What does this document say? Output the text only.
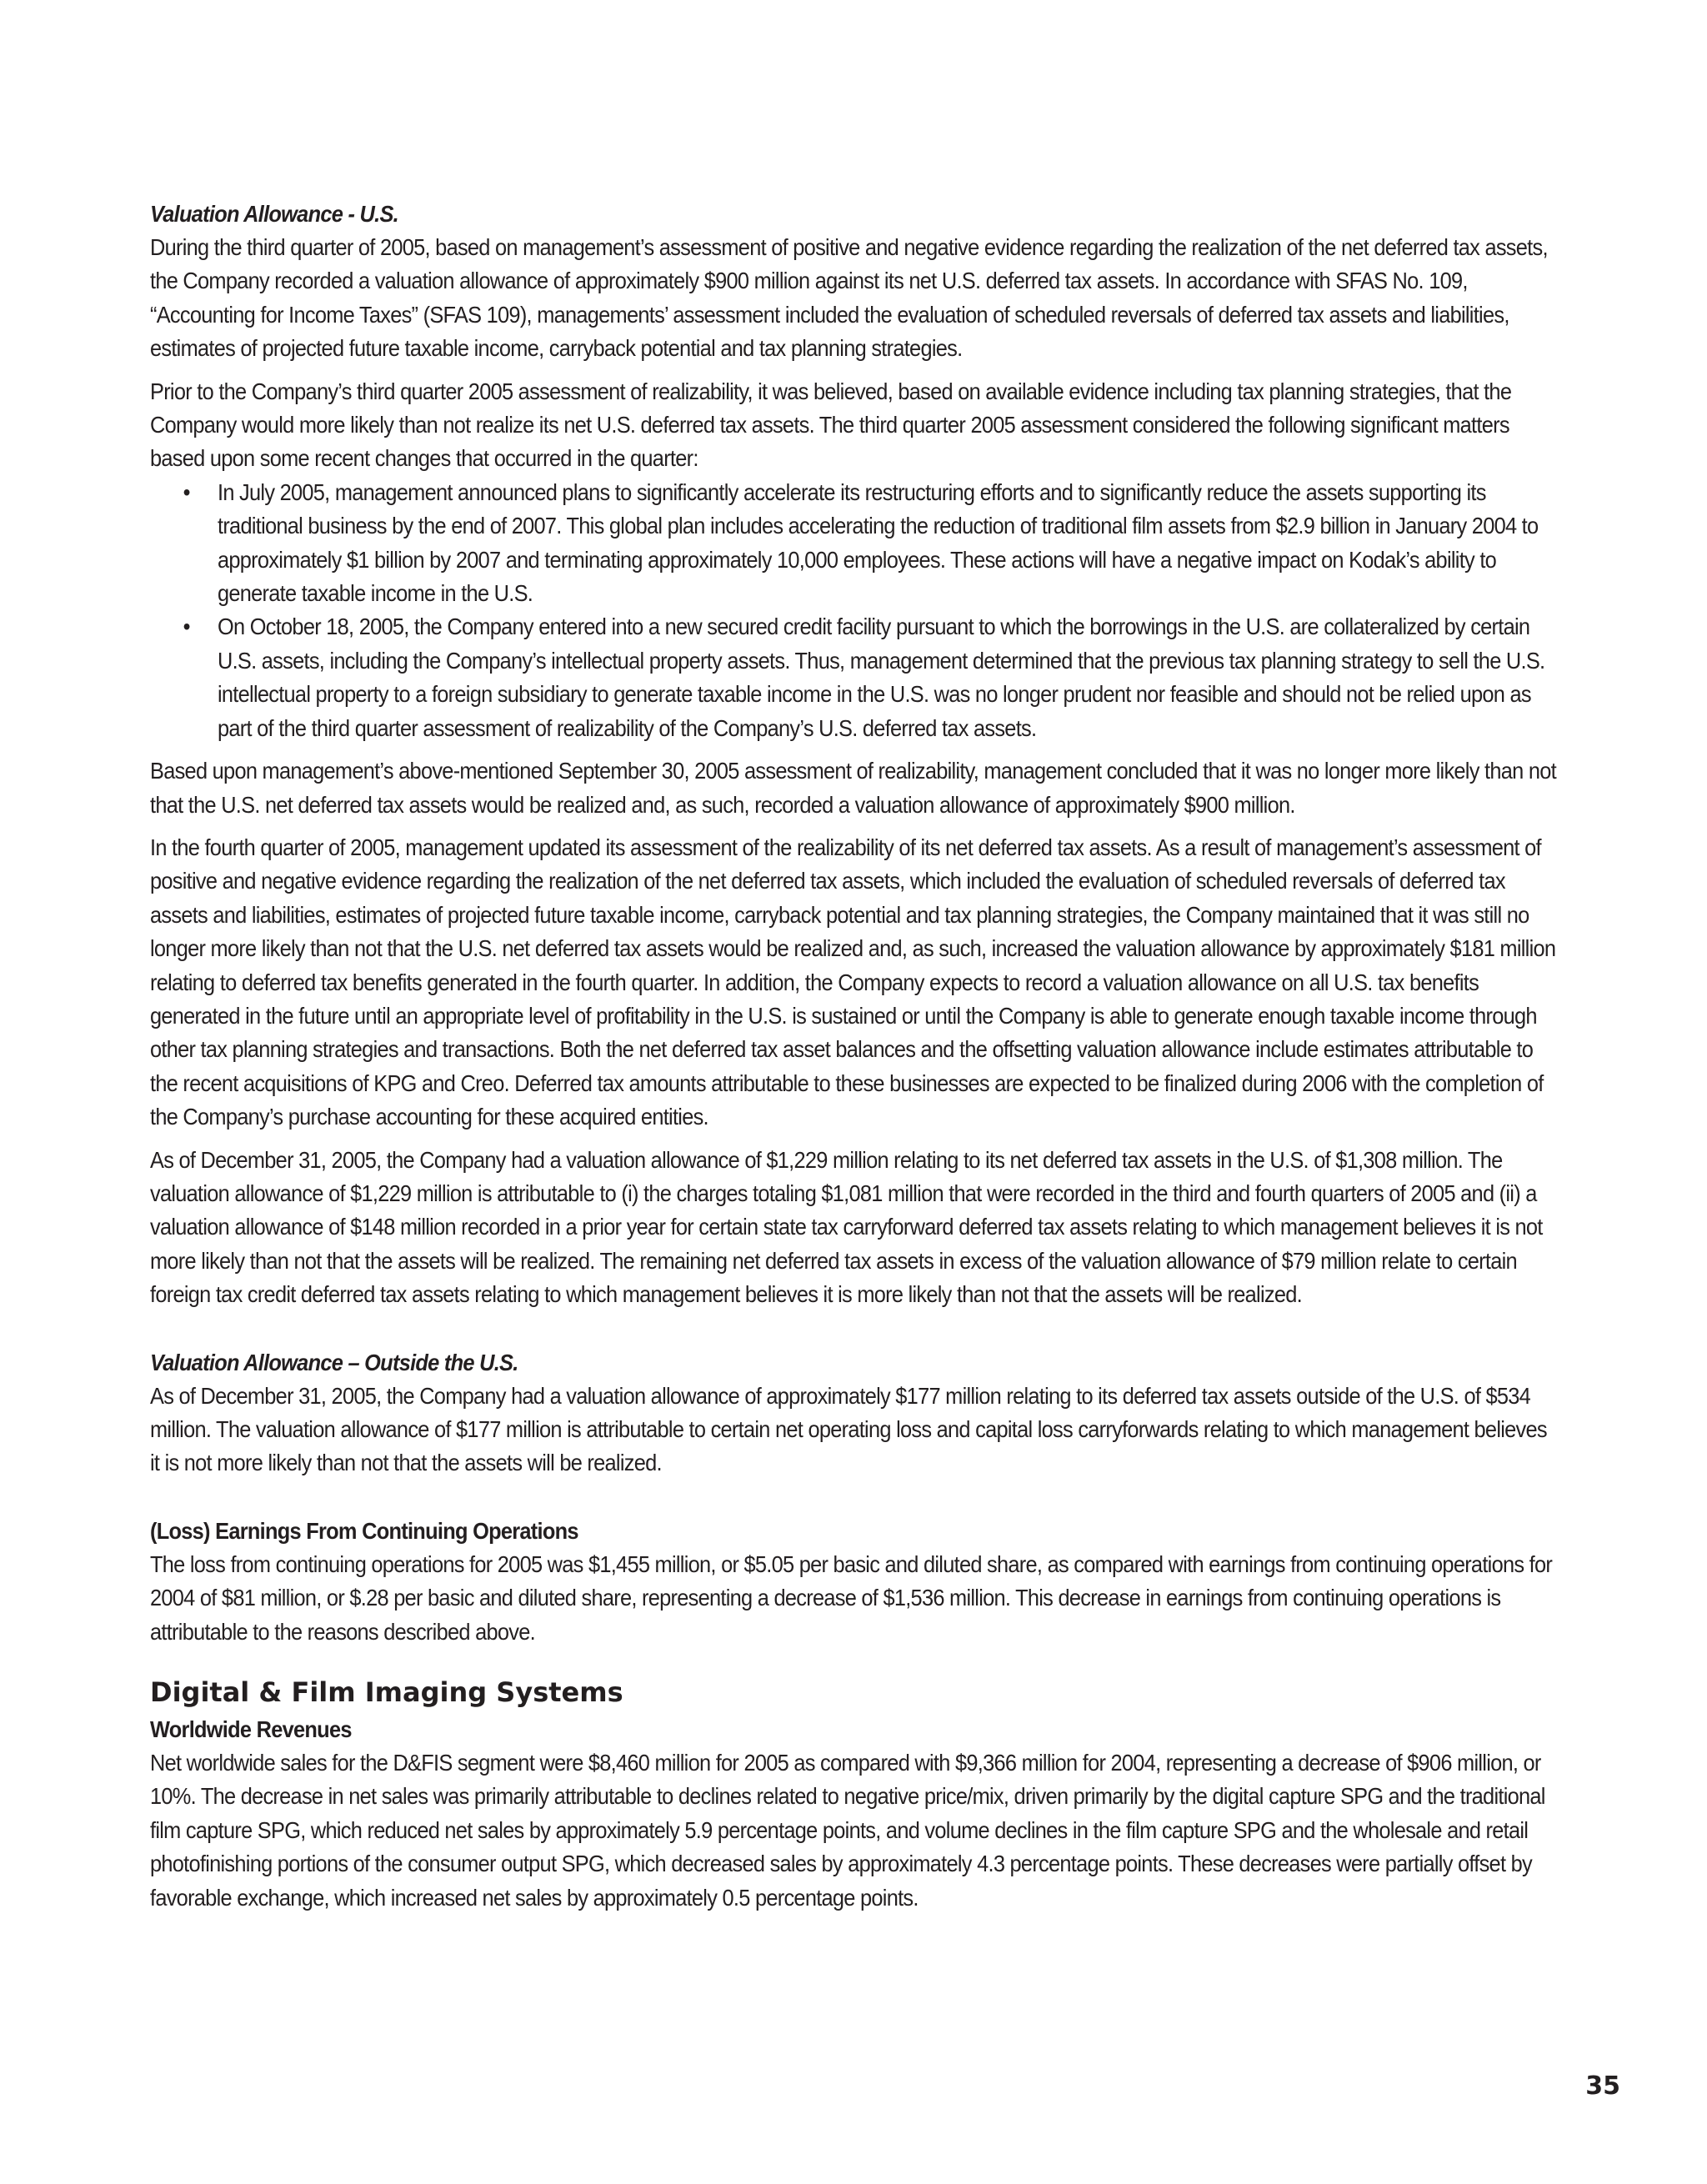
Valuation Allowance - U.S.

During the third quarter of 2005, based on management’s assessment of positive and negative evidence regarding the realization of the net deferred tax assets, the Company recorded a valuation allowance of approximately $900 million against its net U.S. deferred tax assets. In accordance with SFAS No. 109, “Accounting for Income Taxes” (SFAS 109), managements’ assessment included the evaluation of scheduled reversals of deferred tax assets and liabilities, estimates of projected future taxable income, carryback potential and tax planning strategies.

Prior to the Company’s third quarter 2005 assessment of realizability, it was believed, based on available evidence including tax planning strategies, that the Company would more likely than not realize its net U.S. deferred tax assets. The third quarter 2005 assessment considered the following significant matters based upon some recent changes that occurred in the quarter:

• In July 2005, management announced plans to significantly accelerate its restructuring efforts and to significantly reduce the assets supporting its traditional business by the end of 2007. This global plan includes accelerating the reduction of traditional film assets from $2.9 billion in January 2004 to approximately $1 billion by 2007 and terminating approximately 10,000 employees. These actions will have a negative impact on Kodak’s ability to generate taxable income in the U.S.
• On October 18, 2005, the Company entered into a new secured credit facility pursuant to which the borrowings in the U.S. are collateralized by certain U.S. assets, including the Company’s intellectual property assets. Thus, management determined that the previous tax planning strategy to sell the U.S. intellectual property to a foreign subsidiary to generate taxable income in the U.S. was no longer prudent nor feasible and should not be relied upon as part of the third quarter assessment of realizability of the Company’s U.S. deferred tax assets.

Based upon management’s above-mentioned September 30, 2005 assessment of realizability, management concluded that it was no longer more likely than not that the U.S. net deferred tax assets would be realized and, as such, recorded a valuation allowance of approximately $900 million.

In the fourth quarter of 2005, management updated its assessment of the realizability of its net deferred tax assets. As a result of management’s assessment of positive and negative evidence regarding the realization of the net deferred tax assets, which included the evaluation of scheduled reversals of deferred tax assets and liabilities, estimates of projected future taxable income, carryback potential and tax planning strategies, the Company maintained that it was still no longer more likely than not that the U.S. net deferred tax assets would be realized and, as such, increased the valuation allowance by approximately $181 million relating to deferred tax benefits generated in the fourth quarter. In addition, the Company expects to record a valuation allowance on all U.S. tax benefits generated in the future until an appropriate level of profitability in the U.S. is sustained or until the Company is able to generate enough taxable income through other tax planning strategies and transactions. Both the net deferred tax asset balances and the offsetting valuation allowance include estimates attributable to the recent acquisitions of KPG and Creo. Deferred tax amounts attributable to these businesses are expected to be finalized during 2006 with the completion of the Company’s purchase accounting for these acquired entities.

As of December 31, 2005, the Company had a valuation allowance of $1,229 million relating to its net deferred tax assets in the U.S. of $1,308 million. The valuation allowance of $1,229 million is attributable to (i) the charges totaling $1,081 million that were recorded in the third and fourth quarters of 2005 and (ii) a valuation allowance of $148 million recorded in a prior year for certain state tax carryforward deferred tax assets relating to which management believes it is not more likely than not that the assets will be realized. The remaining net deferred tax assets in excess of the valuation allowance of $79 million relate to certain foreign tax credit deferred tax assets relating to which management believes it is more likely than not that the assets will be realized.

Valuation Allowance – Outside the U.S.

As of December 31, 2005, the Company had a valuation allowance of approximately $177 million relating to its deferred tax assets outside of the U.S. of $534 million. The valuation allowance of $177 million is attributable to certain net operating loss and capital loss carryforwards relating to which management believes it is not more likely than not that the assets will be realized.

(Loss) Earnings From Continuing Operations

The loss from continuing operations for 2005 was $1,455 million, or $5.05 per basic and diluted share, as compared with earnings from continuing operations for 2004 of $81 million, or $.28 per basic and diluted share, representing a decrease of $1,536 million. This decrease in earnings from continuing operations is attributable to the reasons described above.

Digital & Film Imaging Systems
Worldwide Revenues

Net worldwide sales for the D&FIS segment were $8,460 million for 2005 as compared with $9,366 million for 2004, representing a decrease of $906 million, or 10%. The decrease in net sales was primarily attributable to declines related to negative price/mix, driven primarily by the digital capture SPG and the traditional film capture SPG, which reduced net sales by approximately 5.9 percentage points, and volume declines in the film capture SPG and the wholesale and retail photofinishing portions of the consumer output SPG, which decreased sales by approximately 4.3 percentage points. These decreases were partially offset by favorable exchange, which increased net sales by approximately 0.5 percentage points.

35
